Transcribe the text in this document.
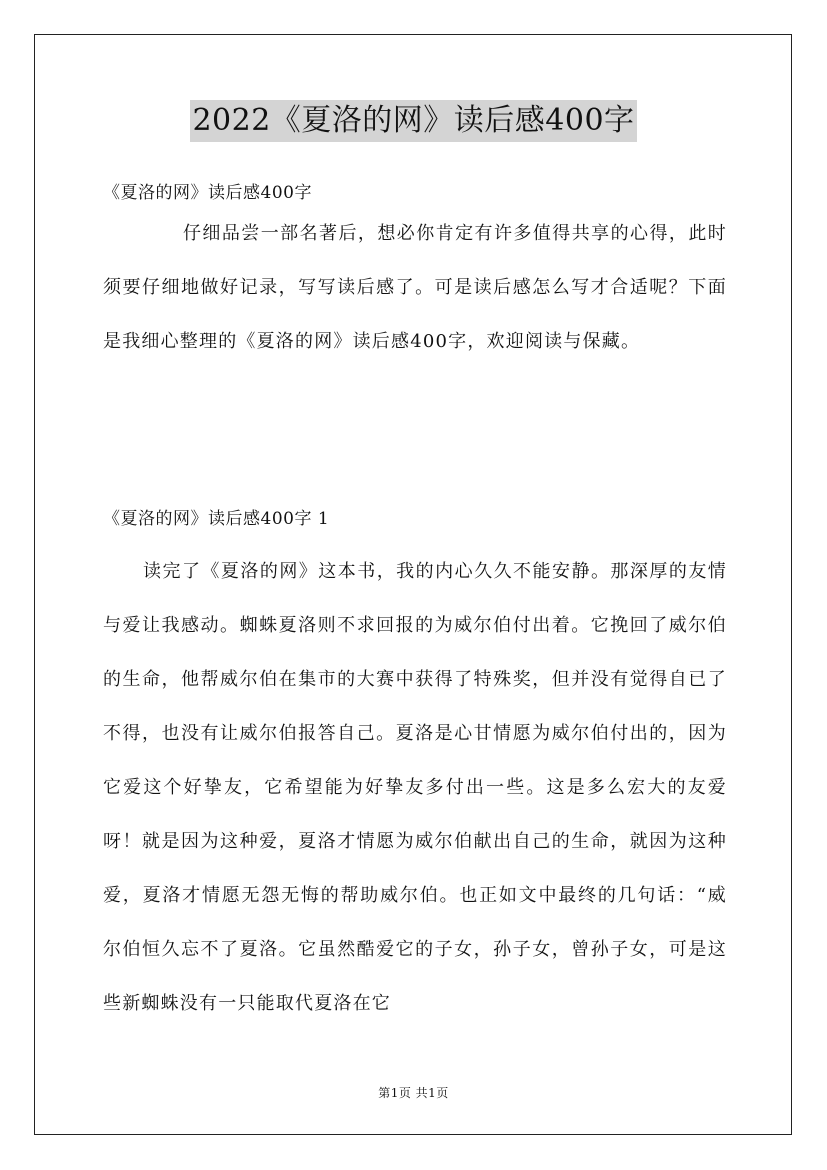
2022《夏洛的网》读后感400字

《夏洛的网》读后感400字

仔细品尝一部名著后，想必你肯定有许多值得共享的心得，此时须要仔细地做好记录，写写读后感了。可是读后感怎么写才合适呢？下面是我细心整理的《夏洛的网》读后感400字，欢迎阅读与保藏。

《夏洛的网》读后感400字 1

读完了《夏洛的网》这本书，我的内心久久不能安静。那深厚的友情与爱让我感动。蜘蛛夏洛则不求回报的为威尔伯付出着。它挽回了威尔伯的生命，他帮威尔伯在集市的大赛中获得了特殊奖，但并没有觉得自已了不得，也没有让威尔伯报答自己。夏洛是心甘情愿为威尔伯付出的，因为它爱这个好挚友，它希望能为好挚友多付出一些。这是多么宏大的友爱呀！就是因为这种爱，夏洛才情愿为威尔伯献出自己的生命，就因为这种爱，夏洛才情愿无怨无悔的帮助威尔伯。也正如文中最终的几句话：“威尔伯恒久忘不了夏洛。它虽然酷爱它的子女，孙子女，曾孙子女，可是这些新蜘蛛没有一只能取代夏洛在它

第1页 共1页
